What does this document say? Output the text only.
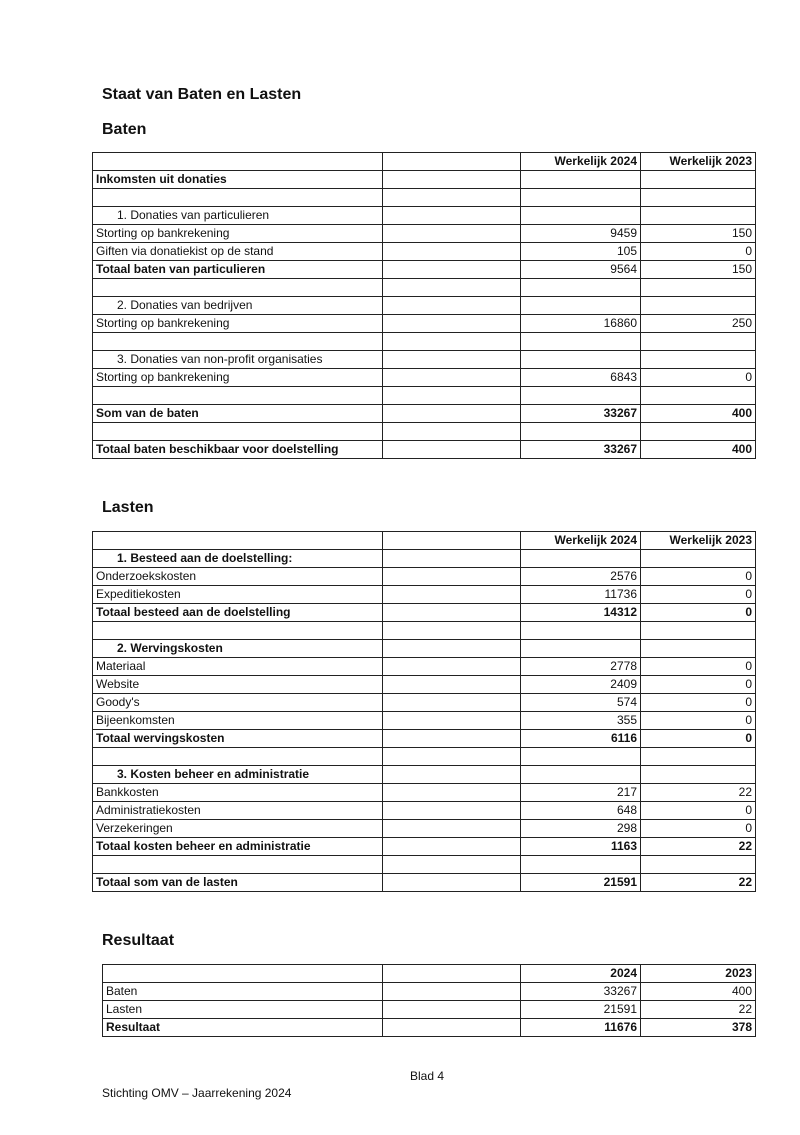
Staat van Baten en Lasten
Baten
		Werkelijk 2024	Werkelijk 2023
Inkomsten uit donaties			

1. Donaties van particulieren			
Storting op bankrekening		9459	150
Giften via donatiekist op de stand		105	0
Totaal baten van particulieren		9564	150

2. Donaties van bedrijven			
Storting op bankrekening		16860	250

3. Donaties van non-profit organisaties			
Storting op bankrekening		6843	0

Som van de baten		33267	400

Totaal baten beschikbaar voor doelstelling		33267	400
Lasten
		Werkelijk 2024	Werkelijk 2023
1. Besteed aan de doelstelling:			
Onderzoekskosten		2576	0
Expeditiekosten		11736	0
Totaal besteed aan de doelstelling		14312	0

2. Wervingskosten			
Materiaal		2778	0
Website		2409	0
Goody's		574	0
Bijeenkomsten		355	0
Totaal wervingskosten		6116	0

3. Kosten beheer en administratie			
Bankkosten		217	22
Administratiekosten		648	0
Verzekeringen		298	0
Totaal kosten beheer en administratie		1163	22

Totaal som van de lasten		21591	22
Resultaat
		2024	2023
Baten		33267	400
Lasten		21591	22
Resultaat		11676	378
Blad 4
Stichting OMV – Jaarrekening 2024
